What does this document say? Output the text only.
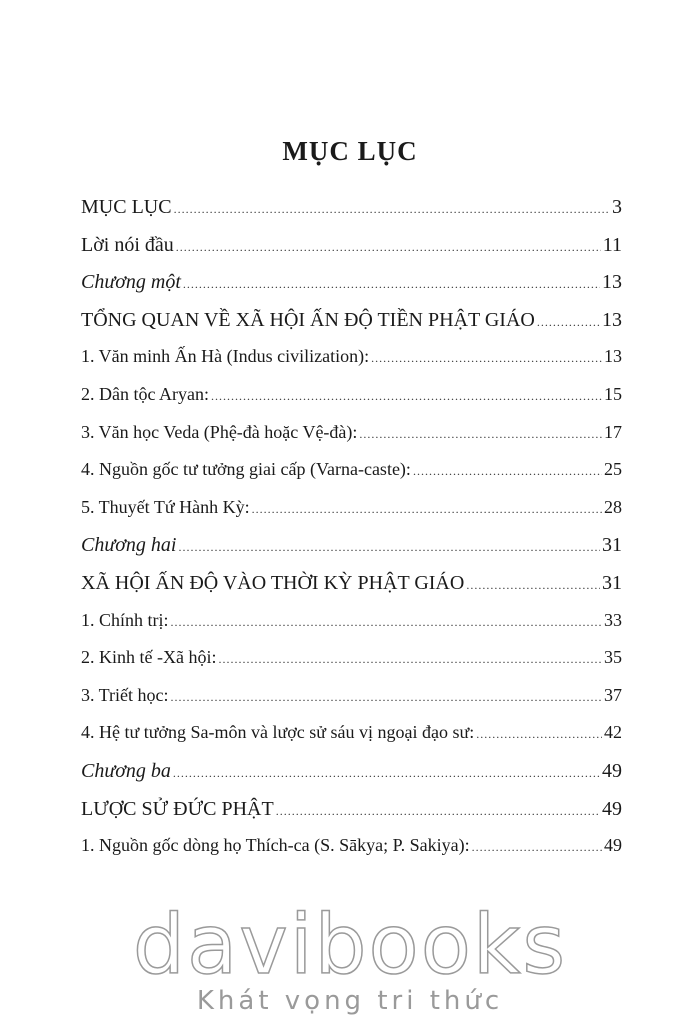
MỤC LỤC
MỤC LỤC .....	3
Lời nói đầu .....	11
Chương một .....	13
TỔNG QUAN VỀ XÃ HỘI ẤN ĐỘ TIỀN PHẬT GIÁO .....	13
1. Văn minh Ấn Hà (Indus civilization): .....	13
2. Dân tộc Aryan: .....	15
3. Văn học Veda (Phệ-đà hoặc Vệ-đà): .....	17
4. Nguồn gốc tư tưởng giai cấp (Varna-caste): .....	25
5. Thuyết Tứ Hành Kỳ: .....	28
Chương hai .....	31
XÃ HỘI ẤN ĐỘ VÀO THỜI KỲ PHẬT GIÁO .....	31
1. Chính trị: .....	33
2. Kinh tế -Xã hội: .....	35
3. Triết học: .....	37
4. Hệ tư tưởng Sa-môn và lược sử sáu vị ngoại đạo sư: .....	42
Chương ba .....	49
LƯỢC SỬ ĐỨC PHẬT .....	49
1. Nguồn gốc dòng họ Thích-ca (S. Sākya; P. Sakiya): .....	49
davibooks
Khát vọng tri thức
